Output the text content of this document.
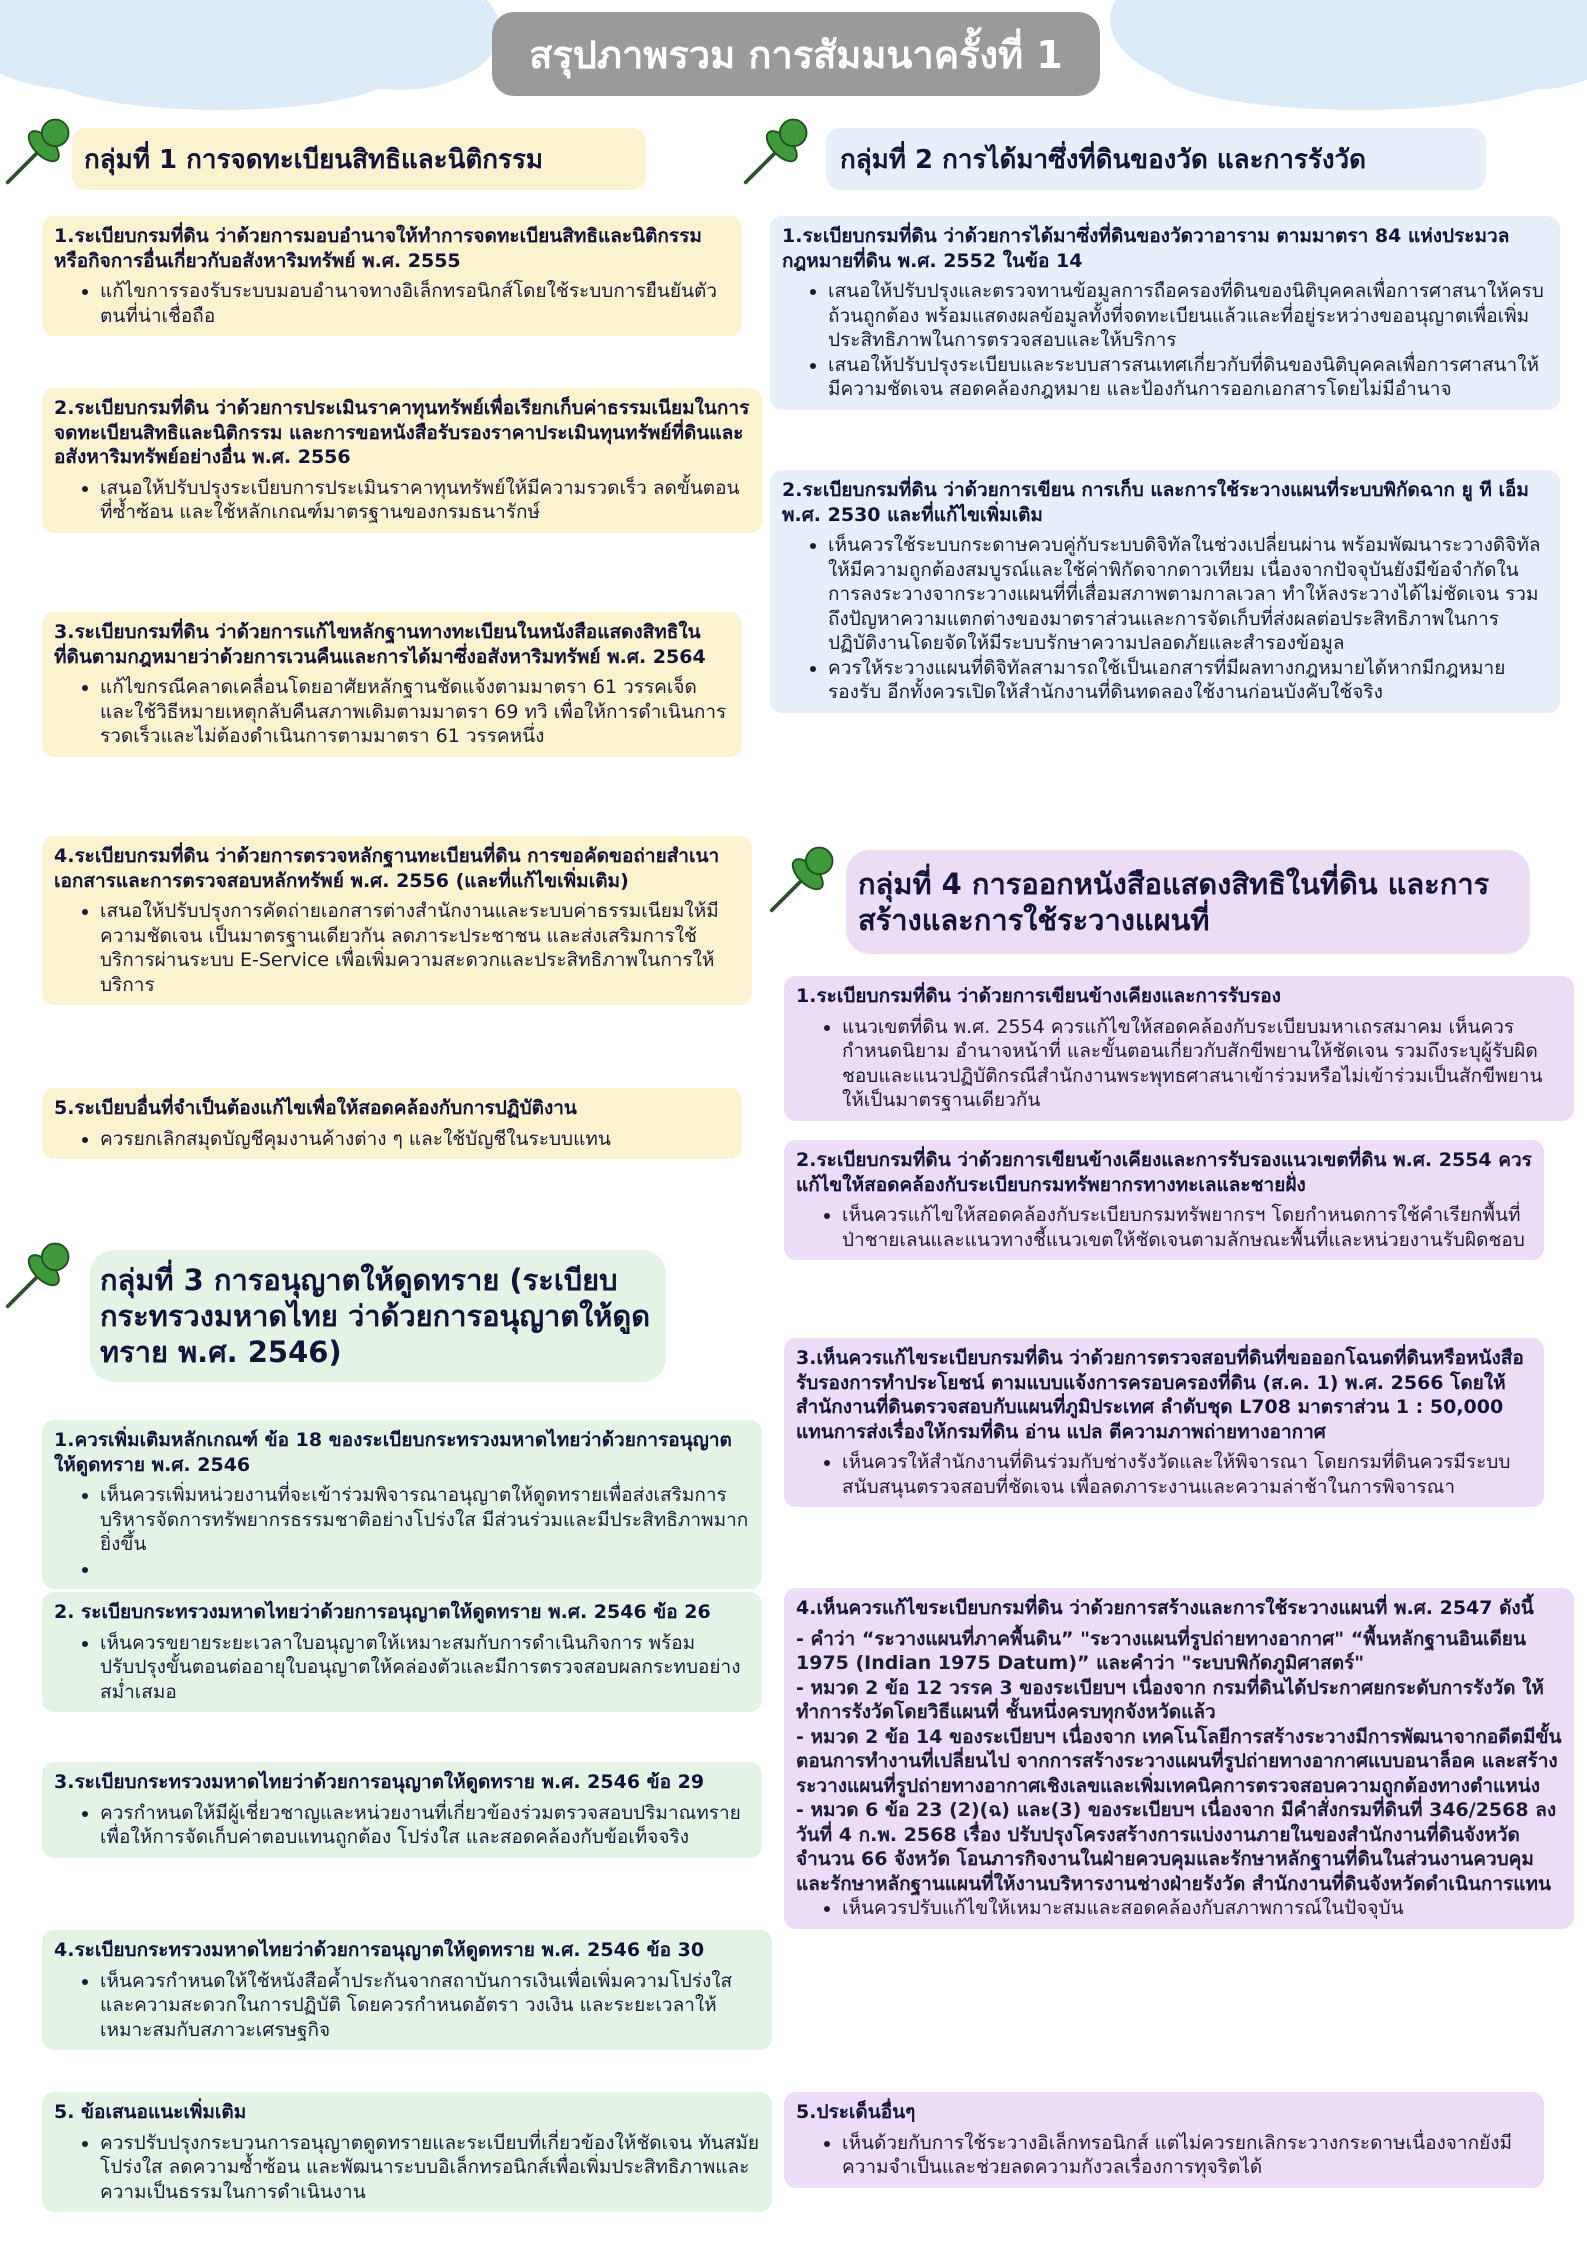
สรุปภาพรวม การสัมมนาครั้งที่ 1
กลุ่มที่ 1 การจดทะเบียนสิทธิและนิติกรรม	กลุ่มที่ 2 การได้มาซึ่งที่ดินของวัด และการรังวัด
กลุ่มที่ 3 การอนุญาตให้ดูดทราย (ระเบียบกระทรวงมหาดไทย ว่าด้วยการอนุญาตให้ดูดทราย พ.ศ. 2546)
กลุ่มที่ 4 การออกหนังสือแสดงสิทธิในที่ดิน และการสร้างและการใช้ระวางแผนที่

1.ระเบียบกรมที่ดิน ว่าด้วยการมอบอำนาจให้ทำการจดทะเบียนสิทธิและนิติกรรม หรือกิจการอื่นเกี่ยวกับอสังหาริมทรัพย์ พ.ศ. 2555

• แก้ไขการรองรับระบบมอบอำนาจทางอิเล็กทรอนิกส์โดยใช้ระบบการยืนยันตัวตนที่น่าเชื่อถือ

2.ระเบียบกรมที่ดิน ว่าด้วยการประเมินราคาทุนทรัพย์เพื่อเรียกเก็บค่าธรรมเนียมในการจดทะเบียนสิทธิและนิติกรรม และการขอหนังสือรับรองราคาประเมินทุนทรัพย์ที่ดินและอสังหาริมทรัพย์อย่างอื่น พ.ศ. 2556

• เสนอให้ปรับปรุงระเบียบการประเมินราคาทุนทรัพย์ให้มีความรวดเร็ว ลดขั้นตอนที่ซ้ำซ้อน และใช้หลักเกณฑ์มาตรฐานของกรมธนารักษ์

3.ระเบียบกรมที่ดิน ว่าด้วยการแก้ไขหลักฐานทางทะเบียนในหนังสือแสดงสิทธิในที่ดินตามกฎหมายว่าด้วยการเวนคืนและการได้มาซึ่งอสังหาริมทรัพย์ พ.ศ. 2564

• แก้ไขกรณีคลาดเคลื่อนโดยอาศัยหลักฐานชัดแจ้งตามมาตรา 61 วรรคเจ็ด และใช้วิธีหมายเหตุกลับคืนสภาพเดิมตามมาตรา 69 ทวิ เพื่อให้การดำเนินการรวดเร็วและไม่ต้องดำเนินการตามมาตรา 61 วรรคหนึ่ง

4.ระเบียบกรมที่ดิน ว่าด้วยการตรวจหลักฐานทะเบียนที่ดิน การขอคัดขอถ่ายสำเนาเอกสารและการตรวจสอบหลักทรัพย์ พ.ศ. 2556 (และที่แก้ไขเพิ่มเติม)

• เสนอให้ปรับปรุงการคัดถ่ายเอกสารต่างสำนักงานและระบบค่าธรรมเนียมให้มีความชัดเจน เป็นมาตรฐานเดียวกัน ลดภาระประชาชน และส่งเสริมการใช้บริการผ่านระบบ E-Service เพื่อเพิ่มความสะดวกและประสิทธิภาพในการให้บริการ

5.ระเบียบอื่นที่จำเป็นต้องแก้ไขเพื่อให้สอดคล้องกับการปฏิบัติงาน

• ควรยกเลิกสมุดบัญชีคุมงานค้างต่าง ๆ และใช้บัญชีในระบบแทน

1.ระเบียบกรมที่ดิน ว่าด้วยการได้มาซึ่งที่ดินของวัดวาอาราม ตามมาตรา 84 แห่งประมวลกฎหมายที่ดิน พ.ศ. 2552 ในข้อ 14

• เสนอให้ปรับปรุงและตรวจทานข้อมูลการถือครองที่ดินของนิติบุคคลเพื่อการศาสนาให้ครบถ้วนถูกต้อง พร้อมแสดงผลข้อมูลทั้งที่จดทะเบียนแล้วและที่อยู่ระหว่างขออนุญาตเพื่อเพิ่มประสิทธิภาพในการตรวจสอบและให้บริการ
• เสนอให้ปรับปรุงระเบียบและระบบสารสนเทศเกี่ยวกับที่ดินของนิติบุคคลเพื่อการศาสนาให้มีความชัดเจน สอดคล้องกฎหมาย และป้องกันการออกเอกสารโดยไม่มีอำนาจ

2.ระเบียบกรมที่ดิน ว่าด้วยการเขียน การเก็บ และการใช้ระวางแผนที่ระบบพิกัดฉาก ยู ที เอ็ม พ.ศ. 2530 และที่แก้ไขเพิ่มเติม

• เห็นควรใช้ระบบกระดาษควบคู่กับระบบดิจิทัลในช่วงเปลี่ยนผ่าน พร้อมพัฒนาระวางดิจิทัลให้มีความถูกต้องสมบูรณ์และใช้ค่าพิกัดจากดาวเทียม เนื่องจากปัจจุบันยังมีข้อจำกัดในการลงระวางจากระวางแผนที่ที่เสื่อมสภาพตามกาลเวลา ทำให้ลงระวางได้ไม่ชัดเจน รวมถึงปัญหาความแตกต่างของมาตราส่วนและการจัดเก็บที่ส่งผลต่อประสิทธิภาพในการปฏิบัติงานโดยจัดให้มีระบบรักษาความปลอดภัยและสำรองข้อมูล
• ควรให้ระวางแผนที่ดิจิทัลสามารถใช้เป็นเอกสารที่มีผลทางกฎหมายได้หากมีกฎหมายรองรับ อีกทั้งควรเปิดให้สำนักงานที่ดินทดลองใช้งานก่อนบังคับใช้จริง

1.ควรเพิ่มเติมหลักเกณฑ์ ข้อ 18 ของระเบียบกระทรวงมหาดไทยว่าด้วยการอนุญาตให้ดูดทราย พ.ศ. 2546

• เห็นควรเพิ่มหน่วยงานที่จะเข้าร่วมพิจารณาอนุญาตให้ดูดทรายเพื่อส่งเสริมการบริหารจัดการทรัพยากรธรรมชาติอย่างโปร่งใส มีส่วนร่วมและมีประสิทธิภาพมากยิ่งขึ้น
•

2. ระเบียบกระทรวงมหาดไทยว่าด้วยการอนุญาตให้ดูดทราย พ.ศ. 2546 ข้อ 26

• เห็นควรขยายระยะเวลาใบอนุญาตให้เหมาะสมกับการดำเนินกิจการ พร้อมปรับปรุงขั้นตอนต่ออายุใบอนุญาตให้คล่องตัวและมีการตรวจสอบผลกระทบอย่างสม่ำเสมอ

3.ระเบียบกระทรวงมหาดไทยว่าด้วยการอนุญาตให้ดูดทราย พ.ศ. 2546 ข้อ 29

• ควรกำหนดให้มีผู้เชี่ยวชาญและหน่วยงานที่เกี่ยวข้องร่วมตรวจสอบปริมาณทราย เพื่อให้การจัดเก็บค่าตอบแทนถูกต้อง โปร่งใส และสอดคล้องกับข้อเท็จจริง

4.ระเบียบกระทรวงมหาดไทยว่าด้วยการอนุญาตให้ดูดทราย พ.ศ. 2546 ข้อ 30

• เห็นควรกำหนดให้ใช้หนังสือค้ำประกันจากสถาบันการเงินเพื่อเพิ่มความโปร่งใสและความสะดวกในการปฏิบัติ โดยควรกำหนดอัตรา วงเงิน และระยะเวลาให้เหมาะสมกับสภาวะเศรษฐกิจ

5. ข้อเสนอแนะเพิ่มเติม

• ควรปรับปรุงกระบวนการอนุญาตดูดทรายและระเบียบที่เกี่ยวข้องให้ชัดเจน ทันสมัย โปร่งใส ลดความซ้ำซ้อน และพัฒนาระบบอิเล็กทรอนิกส์เพื่อเพิ่มประสิทธิภาพและความเป็นธรรมในการดำเนินงาน

1.ระเบียบกรมที่ดิน ว่าด้วยการเขียนข้างเคียงและการรับรอง

• แนวเขตที่ดิน พ.ศ. 2554 ควรแก้ไขให้สอดคล้องกับระเบียบมหาเถรสมาคม เห็นควรกำหนดนิยาม อำนาจหน้าที่ และขั้นตอนเกี่ยวกับสักขีพยานให้ชัดเจน รวมถึงระบุผู้รับผิดชอบและแนวปฏิบัติกรณีสำนักงานพระพุทธศาสนาเข้าร่วมหรือไม่เข้าร่วมเป็นสักขีพยานให้เป็นมาตรฐานเดียวกัน

2.ระเบียบกรมที่ดิน ว่าด้วยการเขียนข้างเคียงและการรับรองแนวเขตที่ดิน พ.ศ. 2554 ควรแก้ไขให้สอดคล้องกับระเบียบกรมทรัพยากรทางทะเลและชายฝั่ง

• เห็นควรแก้ไขให้สอดคล้องกับระเบียบกรมทรัพยากรฯ โดยกำหนดการใช้คำเรียกพื้นที่ป่าชายเลนและแนวทางชี้แนวเขตให้ชัดเจนตามลักษณะพื้นที่และหน่วยงานรับผิดชอบ

3.เห็นควรแก้ไขระเบียบกรมที่ดิน ว่าด้วยการตรวจสอบที่ดินที่ขอออกโฉนดที่ดินหรือหนังสือรับรองการทำประโยชน์ ตามแบบแจ้งการครอบครองที่ดิน (ส.ค. 1) พ.ศ. 2566 โดยให้สำนักงานที่ดินตรวจสอบกับแผนที่ภูมิประเทศ ลำดับชุด L708 มาตราส่วน 1 : 50,000 แทนการส่งเรื่องให้กรมที่ดิน อ่าน แปล ตีความภาพถ่ายทางอากาศ

• เห็นควรให้สำนักงานที่ดินร่วมกับช่างรังวัดและให้พิจารณา โดยกรมที่ดินควรมีระบบสนับสนุนตรวจสอบที่ชัดเจน เพื่อลดภาระงานและความล่าช้าในการพิจารณา

4.เห็นควรแก้ไขระเบียบกรมที่ดิน ว่าด้วยการสร้างและการใช้ระวางแผนที่ พ.ศ. 2547 ดังนี้

- คำว่า “ระวางแผนที่ภาคพื้นดิน” "ระวางแผนที่รูปถ่ายทางอากาศ" “พื้นหลักฐานอินเดียน 1975 (Indian 1975 Datum)” และคำว่า "ระบบพิกัดภูมิศาสตร์"

- หมวด 2 ข้อ 12 วรรค 3 ของระเบียบฯ เนื่องจาก กรมที่ดินได้ประกาศยกระดับการรังวัด ให้ทำการรังวัดโดยวิธีแผนที่ ชั้นหนึ่งครบทุกจังหวัดแล้ว

- หมวด 2 ข้อ 14 ของระเบียบฯ เนื่องจาก เทคโนโลยีการสร้างระวางมีการพัฒนาจากอดีตมีขั้นตอนการทำงานที่เปลี่ยนไป จากการสร้างระวางแผนที่รูปถ่ายทางอากาศแบบอนาล็อค และสร้างระวางแผนที่รูปถ่ายทางอากาศเชิงเลขและเพิ่มเทคนิคการตรวจสอบความถูกต้องทางตำแหน่ง

- หมวด 6 ข้อ 23 (2)(ฉ) และ(3) ของระเบียบฯ เนื่องจาก มีคำสั่งกรมที่ดินที่ 346/2568 ลงวันที่ 4 ก.พ. 2568 เรื่อง ปรับปรุงโครงสร้างการแบ่งงานภายในของสำนักงานที่ดินจังหวัด จำนวน 66 จังหวัด โอนภารกิจงานในฝ่ายควบคุมและรักษาหลักฐานที่ดินในส่วนงานควบคุมและรักษาหลักฐานแผนที่ให้งานบริหารงานช่างฝ่ายรังวัด สำนักงานที่ดินจังหวัดดำเนินการแทน

• เห็นควรปรับแก้ไขให้เหมาะสมและสอดคล้องกับสภาพการณ์ในปัจจุบัน

5.ประเด็นอื่นๆ

• เห็นด้วยกับการใช้ระวางอิเล็กทรอนิกส์ แต่ไม่ควรยกเลิกระวางกระดาษเนื่องจากยังมีความจำเป็นและช่วยลดความกังวลเรื่องการทุจริตได้
